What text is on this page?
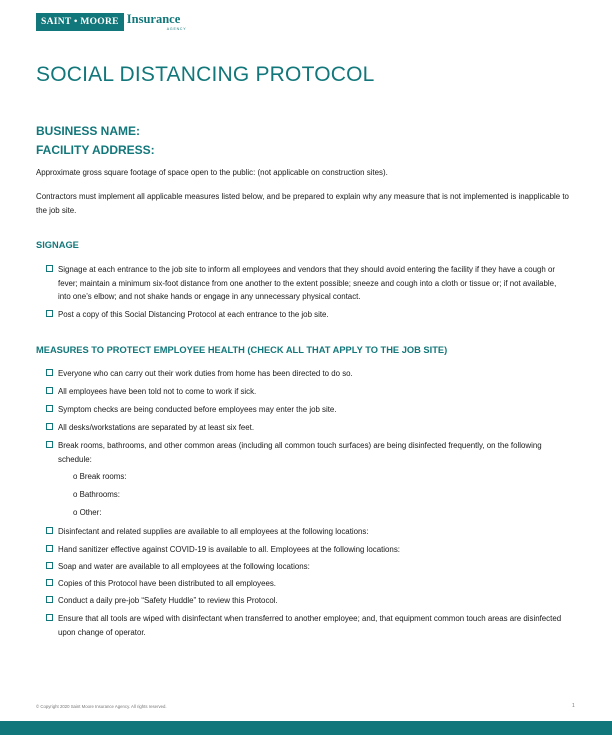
SAINT • MOORE Insurance
AGENCY
SOCIAL DISTANCING PROTOCOL
BUSINESS NAME:
FACILITY ADDRESS:

Approximate gross square footage of space open to the public: (not applicable on construction sites).

Contractors must implement all applicable measures listed below, and be prepared to explain why any measure that is not implemented is inapplicable to the job site.

SIGNAGE
Signage at each entrance to the job site to inform all employees and vendors that they should avoid entering the facility if they have a cough or fever; maintain a minimum six-foot distance from one another to the extent possible; sneeze and cough into a cloth or tissue or; if not available, into one’s elbow; and not shake hands or engage in any unnecessary physical contact.
Post a copy of this Social Distancing Protocol at each entrance to the job site.
MEASURES TO PROTECT EMPLOYEE HEALTH (CHECK ALL THAT APPLY TO THE JOB SITE)
Everyone who can carry out their work duties from home has been directed to do so.
All employees have been told not to come to work if sick.
Symptom checks are being conducted before employees may enter the job site.
All desks/workstations are separated by at least six feet.
Break rooms, bathrooms, and other common areas (including all common touch surfaces) are being disinfected frequently, on the following schedule:
o Break rooms:
o Bathrooms:
o Other:
Disinfectant and related supplies are available to all employees at the following locations:
Hand sanitizer effective against COVID-19 is available to all. Employees at the following locations:
Soap and water are available to all employees at the following locations:
Copies of this Protocol have been distributed to all employees.
Conduct a daily pre-job “Safety Huddle” to review this Protocol.
Ensure that all tools are wiped with disinfectant when transferred to another employee; and, that equipment common touch areas are disinfected upon change of operator.
© Copyright 2020 Saint Moore Insurance Agency. All rights reserved.	1
